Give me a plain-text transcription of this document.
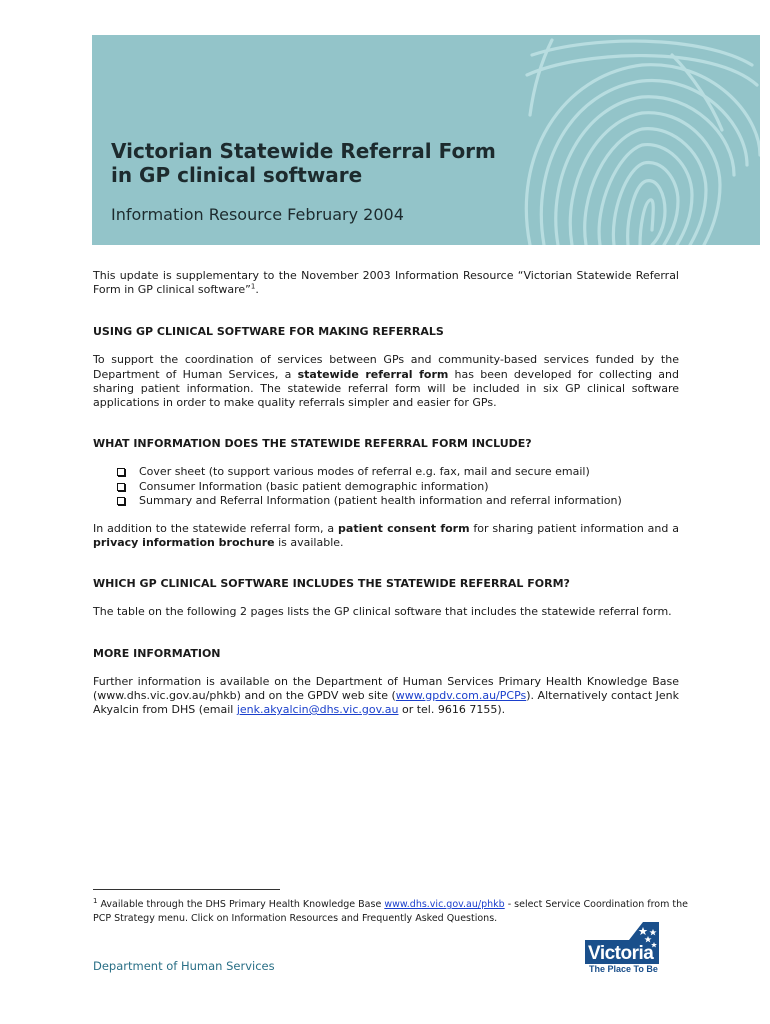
Victorian Statewide Referral Form
in GP clinical software
Information Resource February 2004

This update is supplementary to the November 2003 Information Resource “Victorian Statewide Referral Form in GP clinical software”$^1$.

USING GP CLINICAL SOFTWARE FOR MAKING REFERRALS

To support the coordination of services between GPs and community-based services funded by the Department of Human Services, a statewide referral form has been developed for collecting and sharing patient information. The statewide referral form will be included in six GP clinical software applications in order to make quality referrals simpler and easier for GPs.

WHAT INFORMATION DOES THE STATEWIDE REFERRAL FORM INCLUDE?
Cover sheet (to support various modes of referral e.g. fax, mail and secure email)
Consumer Information (basic patient demographic information)
Summary and Referral Information (patient health information and referral information)

In addition to the statewide referral form, a patient consent form for sharing patient information and a privacy information brochure is available.

WHICH GP CLINICAL SOFTWARE INCLUDES THE STATEWIDE REFERRAL FORM?

The table on the following 2 pages lists the GP clinical software that includes the statewide referral form.

MORE INFORMATION

Further information is available on the Department of Human Services Primary Health Knowledge Base (www.dhs.vic.gov.au/phkb) and on the GPDV web site (www.gpdv.com.au/PCPs). Alternatively contact Jenk Akyalcin from DHS (email jenk.akyalcin@dhs.vic.gov.au or tel. 9616 7155).

$^1$ Available through the DHS Primary Health Knowledge Base www.dhs.vic.gov.au/phkb - select Service Coordination from the PCP Strategy menu. Click on Information Resources and Frequently Asked Questions.
Department of Human Services
Victoria
The Place To Be
